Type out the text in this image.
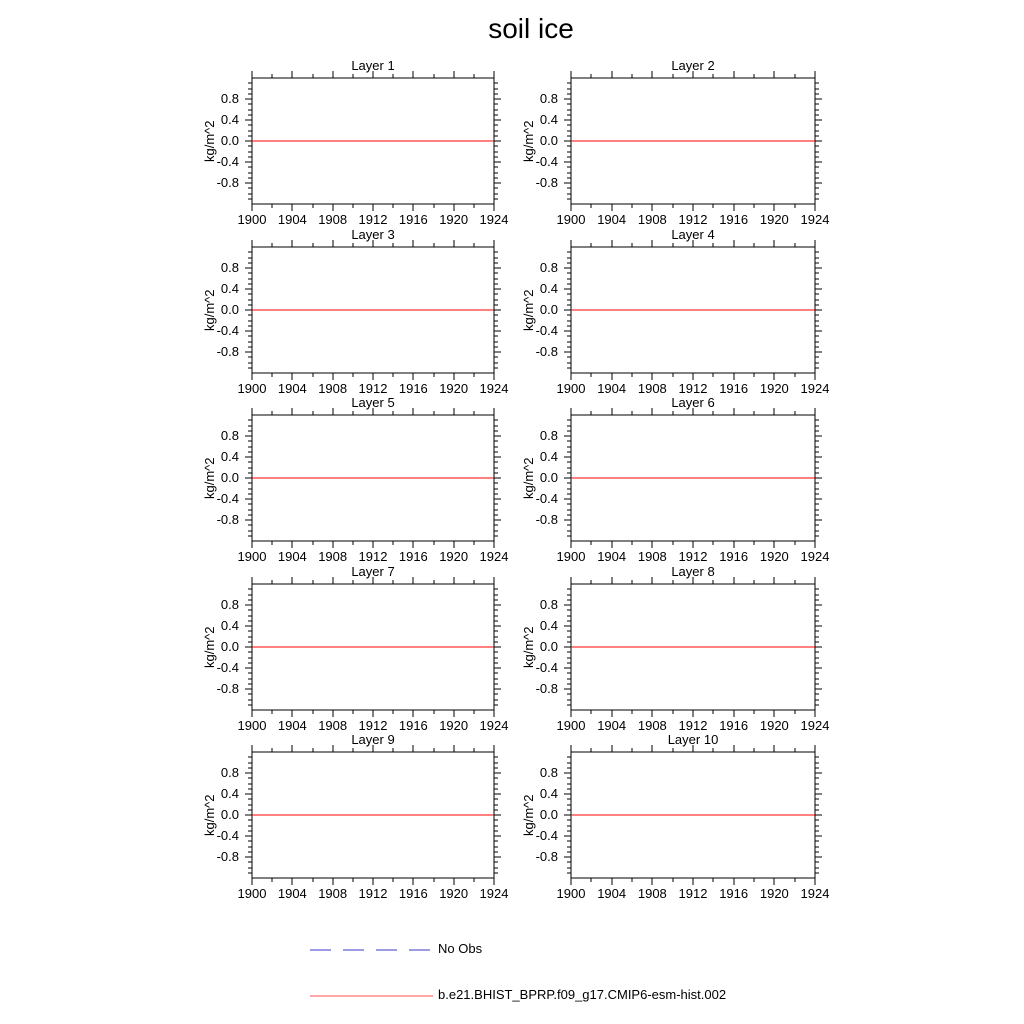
soil ice
Layer 1
0.8
0.4
0.0
-0.4
-0.8
1900 1904 1908 1912 1916 1920 1924
kg/m^2
Layer 2
0.8
0.4
0.0
-0.4
-0.8
1900 1904 1908 1912 1916 1920 1924
kg/m^2
Layer 3
0.8
0.4
0.0
-0.4
-0.8
1900 1904 1908 1912 1916 1920 1924
kg/m^2
Layer 4
0.8
0.4
0.0
-0.4
-0.8
1900 1904 1908 1912 1916 1920 1924
kg/m^2
Layer 5
0.8
0.4
0.0
-0.4
-0.8
1900 1904 1908 1912 1916 1920 1924
kg/m^2
Layer 6
0.8
0.4
0.0
-0.4
-0.8
1900 1904 1908 1912 1916 1920 1924
kg/m^2
Layer 7
0.8
0.4
0.0
-0.4
-0.8
1900 1904 1908 1912 1916 1920 1924
kg/m^2
Layer 8
0.8
0.4
0.0
-0.4
-0.8
1900 1904 1908 1912 1916 1920 1924
kg/m^2
Layer 9
0.8
0.4
0.0
-0.4
-0.8
1900 1904 1908 1912 1916 1920 1924
kg/m^2
Layer 10
0.8
0.4
0.0
-0.4
-0.8
1900 1904 1908 1912 1916 1920 1924
kg/m^2
No Obs
b.e21.BHIST_BPRP.f09_g17.CMIP6-esm-hist.002
